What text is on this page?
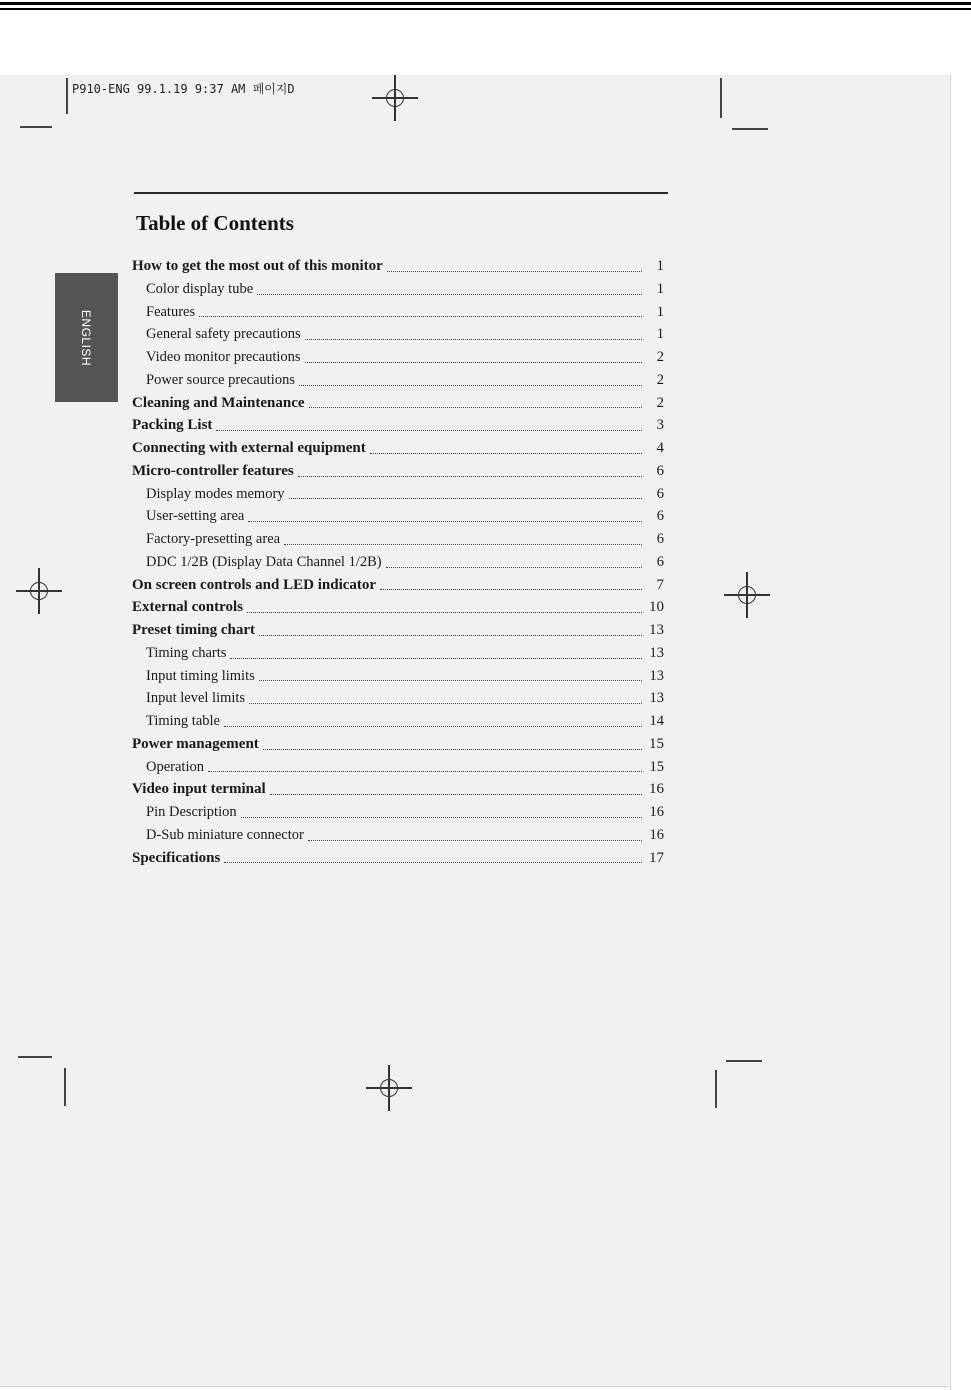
P910-ENG 99.1.19 9:37 AM 페이지D
ENGLISH
Table of Contents
How to get the most out of this monitor	1
Color display tube	1
Features	1
General safety precautions	1
Video monitor precautions	2
Power source precautions	2
Cleaning and Maintenance	2
Packing List	3
Connecting with external equipment	4
Micro-controller features	6
Display modes memory	6
User-setting area	6
Factory-presetting area	6
DDC 1/2B (Display Data Channel 1/2B)	6
On screen controls and LED indicator	7
External controls	10
Preset timing chart	13
Timing charts	13
Input timing limits	13
Input level limits	13
Timing table	14
Power management	15
Operation	15
Video input terminal	16
Pin Description	16
D-Sub miniature connector	16
Specifications	17
